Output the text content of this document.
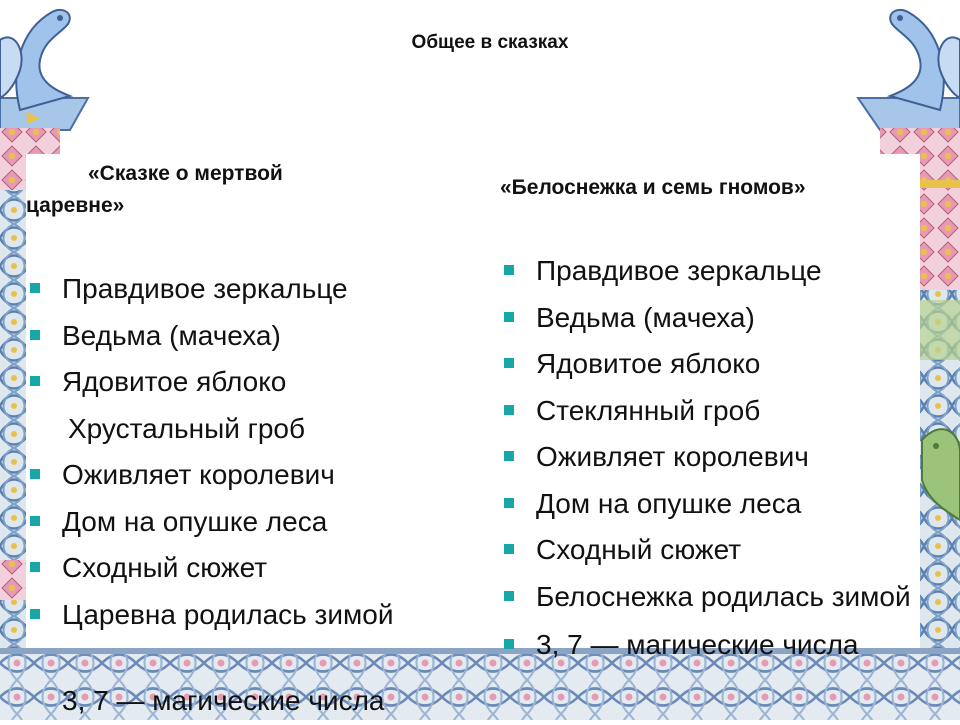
Общее в сказках
«Сказке о мертвой царевне»
«Белоснежка и семь гномов»
Правдивое зеркальце
Ведьма (мачеха)
Ядовитое яблоко
Хрустальный гроб
Оживляет королевич
Дом на опушке леса
Сходный сюжет
Царевна родилась зимой
3, 7 — магические числа
Правдивое зеркальце
Ведьма (мачеха)
Ядовитое яблоко
Стеклянный гроб
Оживляет королевич
Дом на опушке леса
Сходный сюжет
Белоснежка родилась зимой
3, 7 — магические числа
